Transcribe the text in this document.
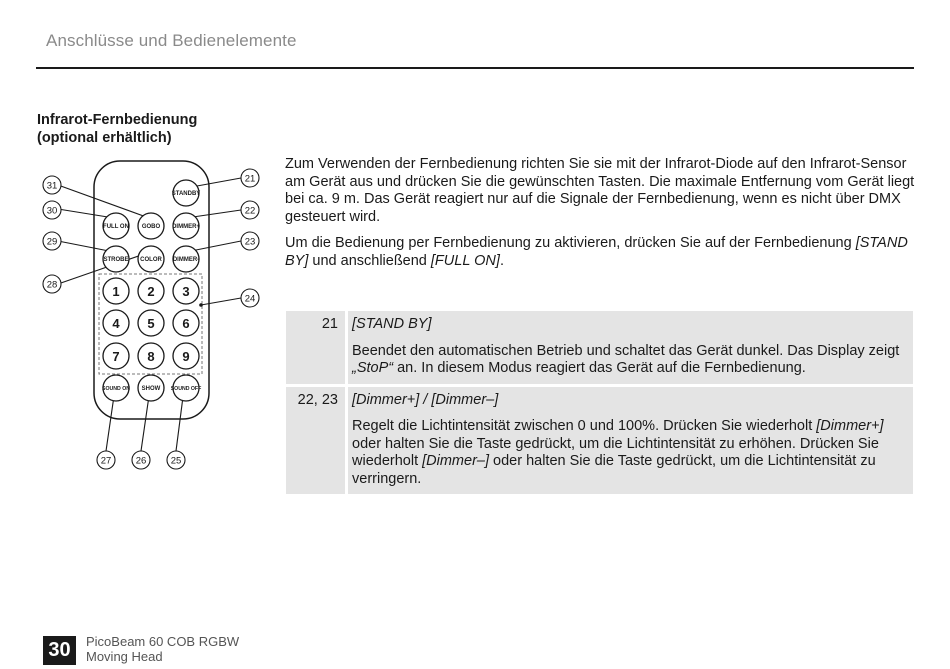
Anschlüsse und Bedienelemente
Infrarot-Fernbedienung (optional erhältlich)
STANDBY
FULL ON GOBO DIMMER+
STROBE COLOR DIMMER-
SOUND ON SHOW SOUND OFF
1 2 3
4 5 6
7 8 9
31
30
29
28
21
22
23
24
27	26	25

Zum Verwenden der Fernbedienung richten Sie sie mit der Infrarot-Diode auf den Infrarot-Sensor am Gerät aus und drücken Sie die gewünschten Tasten. Die maximale Entfernung vom Gerät liegt bei ca. 9 m. Das Gerät reagiert nur auf die Signale der Fernbedienung, wenn es nicht über DMX gesteuert wird.

Um die Bedienung per Fernbedienung zu aktivieren, drücken Sie auf der Fernbedienung [STAND BY] und anschließend [FULL ON].

21	[STAND BY]
Beendet den automatischen Betrieb und schaltet das Gerät dunkel. Das Display zeigt „StoP“ an. In diesem Modus reagiert das Gerät auf die Fernbedienung.

22, 23	[Dimmer+] / [Dimmer–]
Regelt die Lichtintensität zwischen 0 und 100%. Drücken Sie wiederholt [Dimmer+] oder halten Sie die Taste gedrückt, um die Lichtintensität zu erhöhen. Drücken Sie wiederholt [Dimmer–] oder halten Sie die Taste gedrückt, um die Lichtintensität zu verringern.
30	PicoBeam 60 COB RGBW
Moving Head
